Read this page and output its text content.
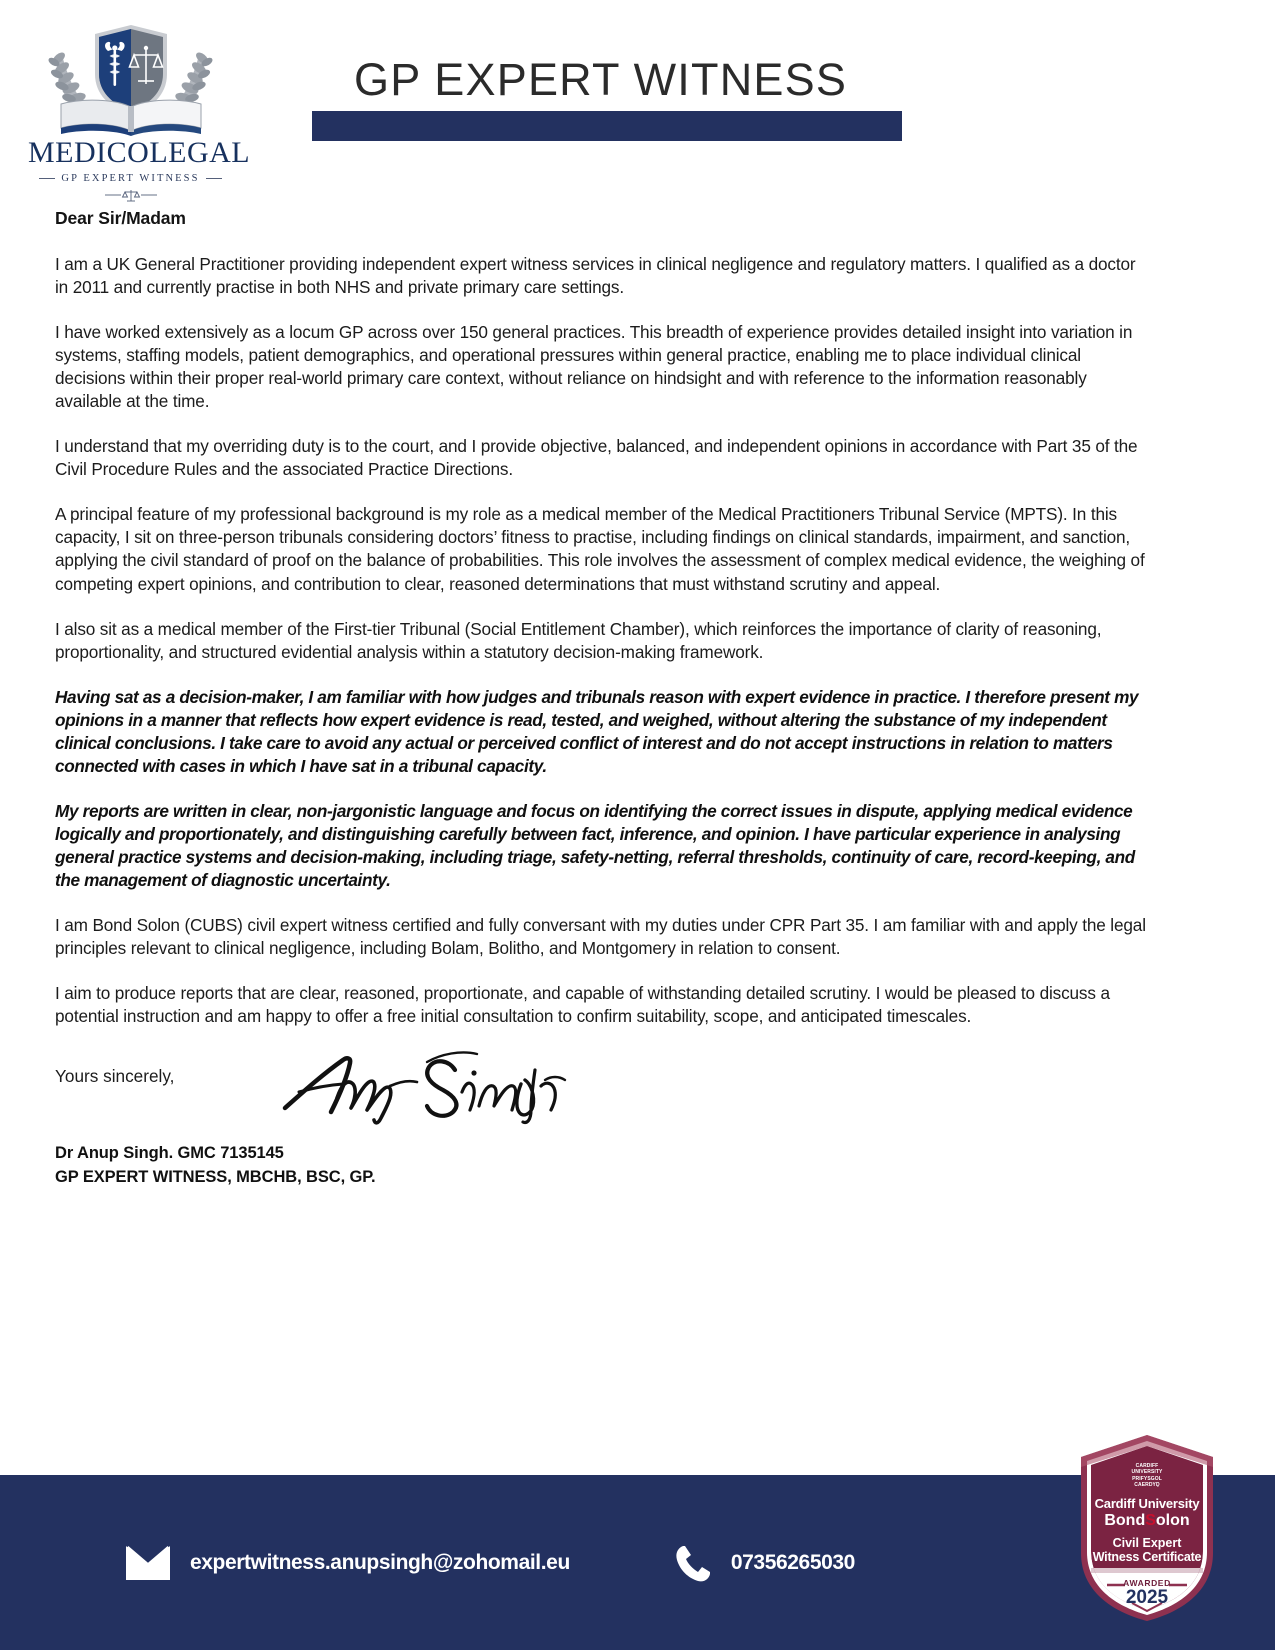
MEDICOLEGAL
GP EXPERT WITNESS
GP EXPERT WITNESS
Dear Sir/Madam

I am a UK General Practitioner providing independent expert witness services in clinical negligence and regulatory matters. I qualified as a doctor in 2011 and currently practise in both NHS and private primary care settings.

I have worked extensively as a locum GP across over 150 general practices. This breadth of experience provides detailed insight into variation in systems, staffing models, patient demographics, and operational pressures within general practice, enabling me to place individual clinical decisions within their proper real-world primary care context, without reliance on hindsight and with reference to the information reasonably available at the time.

I understand that my overriding duty is to the court, and I provide objective, balanced, and independent opinions in accordance with Part 35 of the Civil Procedure Rules and the associated Practice Directions.

A principal feature of my professional background is my role as a medical member of the Medical Practitioners Tribunal Service (MPTS). In this capacity, I sit on three-person tribunals considering doctors’ fitness to practise, including findings on clinical standards, impairment, and sanction, applying the civil standard of proof on the balance of probabilities. This role involves the assessment of complex medical evidence, the weighing of competing expert opinions, and contribution to clear, reasoned determinations that must withstand scrutiny and appeal.

I also sit as a medical member of the First-tier Tribunal (Social Entitlement Chamber), which reinforces the importance of clarity of reasoning, proportionality, and structured evidential analysis within a statutory decision-making framework.

Having sat as a decision-maker, I am familiar with how judges and tribunals reason with expert evidence in practice. I therefore present my opinions in a manner that reflects how expert evidence is read, tested, and weighed, without altering the substance of my independent clinical conclusions. I take care to avoid any actual or perceived conflict of interest and do not accept instructions in relation to matters connected with cases in which I have sat in a tribunal capacity.

My reports are written in clear, non-jargonistic language and focus on identifying the correct issues in dispute, applying medical evidence logically and proportionately, and distinguishing carefully between fact, inference, and opinion. I have particular experience in analysing general practice systems and decision-making, including triage, safety-netting, referral thresholds, continuity of care, record-keeping, and the management of diagnostic uncertainty.

I am Bond Solon (CUBS) civil expert witness certified and fully conversant with my duties under CPR Part 35. I am familiar with and apply the legal principles relevant to clinical negligence, including Bolam, Bolitho, and Montgomery in relation to consent.

I aim to produce reports that are clear, reasoned, proportionate, and capable of withstanding detailed scrutiny. I would be pleased to discuss a potential instruction and am happy to offer a free initial consultation to confirm suitability, scope, and anticipated timescales.

Yours sincerely,
Dr Anup Singh. GMC 7135145
GP EXPERT WITNESS, MBCHB, BSC, GP.
expertwitness.anupsingh@zohomail.eu	07356265030
CARDIFF
UNIVERSITY
PRIFYSGOL
CAERDYḎ
Cardiff University
BondSolon
Civil Expert
Witness Certificate
AWARDED
2025
